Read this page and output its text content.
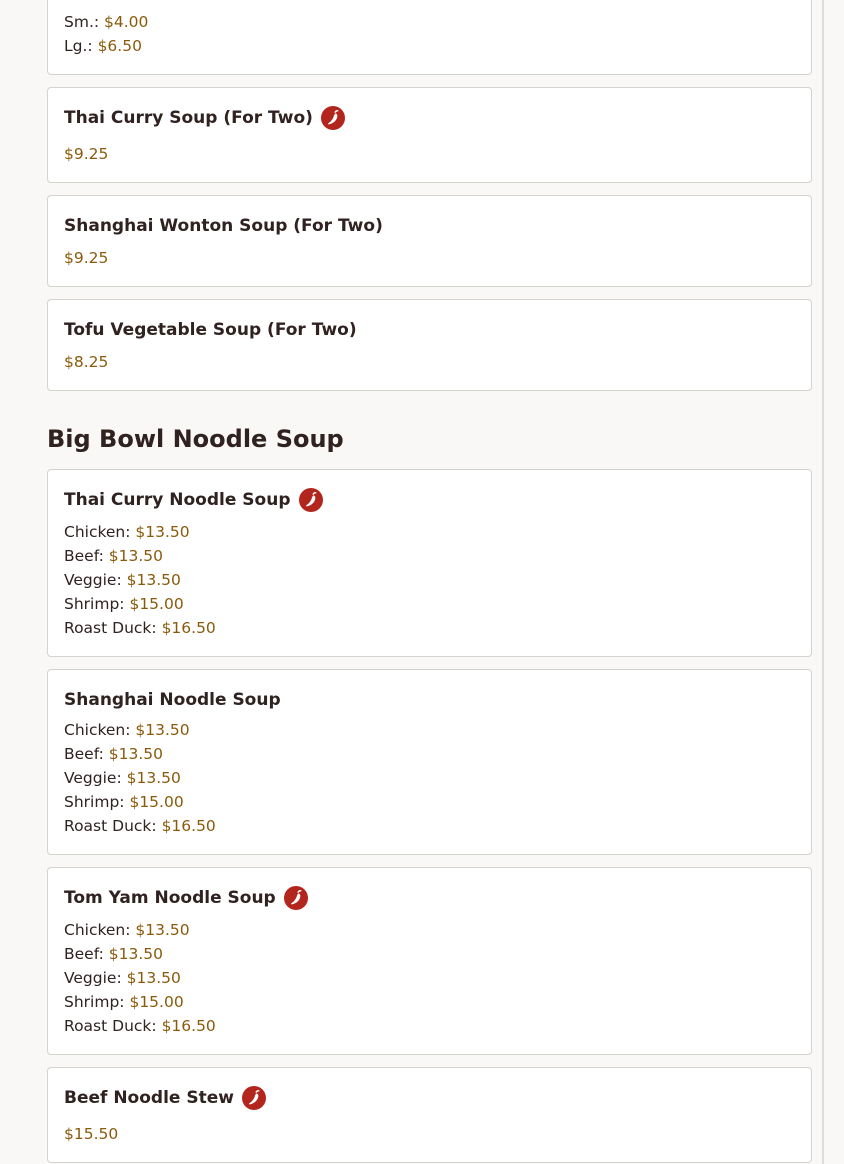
Sm.: $4.00
Lg.: $6.50
Thai Curry Soup (For Two)
$9.25
Shanghai Wonton Soup (For Two)
$9.25
Tofu Vegetable Soup (For Two)
$8.25
Big Bowl Noodle Soup
Thai Curry Noodle Soup
Chicken: $13.50
Beef: $13.50
Veggie: $13.50
Shrimp: $15.00
Roast Duck: $16.50
Shanghai Noodle Soup
Chicken: $13.50
Beef: $13.50
Veggie: $13.50
Shrimp: $15.00
Roast Duck: $16.50
Tom Yam Noodle Soup
Chicken: $13.50
Beef: $13.50
Veggie: $13.50
Shrimp: $15.00
Roast Duck: $16.50
Beef Noodle Stew
$15.50
